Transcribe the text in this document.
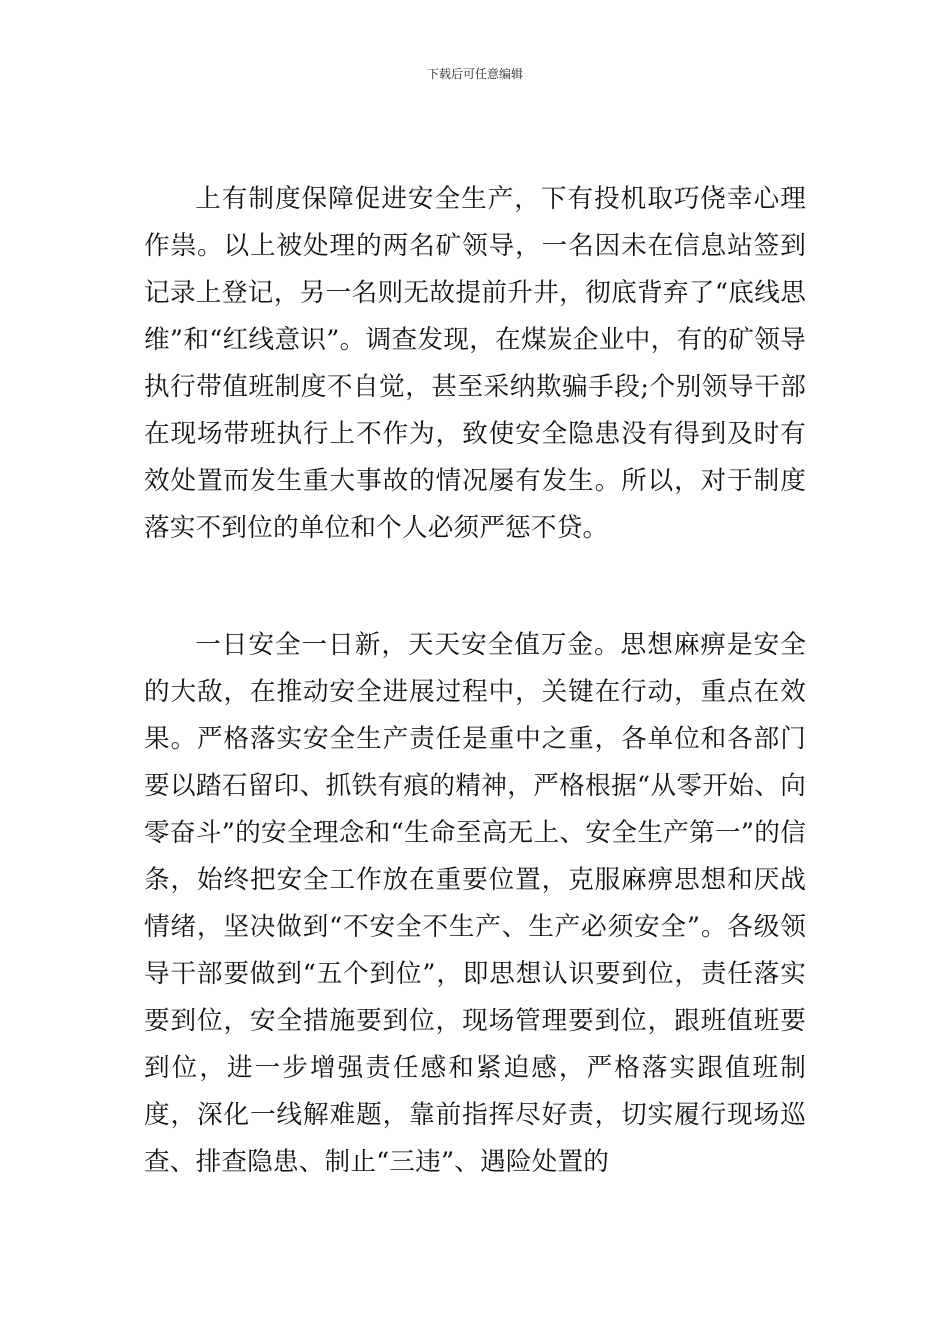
下载后可任意编辑

上有制度保障促进安全生产，下有投机取巧侥幸心理作祟。以上被处理的两名矿领导，一名因未在信息站签到记录上登记，另一名则无故提前升井，彻底背弃了“底线思维”和“红线意识”。调查发现，在煤炭企业中，有的矿领导执行带值班制度不自觉，甚至采纳欺骗手段;个别领导干部在现场带班执行上不作为，致使安全隐患没有得到及时有效处置而发生重大事故的情况屡有发生。所以，对于制度落实不到位的单位和个人必须严惩不贷。

一日安全一日新，天天安全值万金。思想麻痹是安全的大敌，在推动安全进展过程中，关键在行动，重点在效果。严格落实安全生产责任是重中之重，各单位和各部门要以踏石留印、抓铁有痕的精神，严格根据“从零开始、向零奋斗”的安全理念和“生命至高无上、安全生产第一”的信条，始终把安全工作放在重要位置，克服麻痹思想和厌战情绪，坚决做到“不安全不生产、生产必须安全”。各级领导干部要做到“五个到位”，即思想认识要到位，责任落实要到位，安全措施要到位，现场管理要到位，跟班值班要到位，进一步增强责任感和紧迫感，严格落实跟值班制度，深化一线解难题，靠前指挥尽好责，切实履行现场巡查、排查隐患、制止“三违”、遇险处置的
